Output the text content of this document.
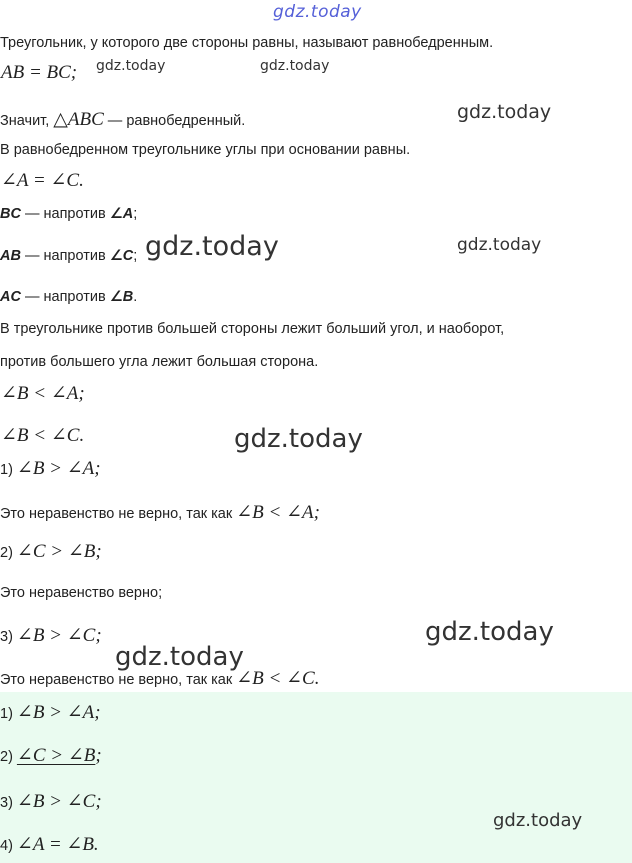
gdz.today
Треугольник, у которого две стороны равны, называют равнобедренным.
AB = BC;
Значит, △ABC — равнобедренный.
В равнобедренном треугольнике углы при основании равны.
∠A = ∠C.
BC — напротив ∠A;
AB — напротив ∠C;
AC — напротив ∠B.
В треугольнике против большей стороны лежит больший угол, и наоборот,
против большего угла лежит большая сторона.
∠B < ∠A;
∠B < ∠C.
1) ∠B > ∠A;
Это неравенство не верно, так как ∠B < ∠A;
2) ∠C > ∠B;
Это неравенство верно;
3) ∠B > ∠C;
Это неравенство не верно, так как ∠B < ∠C.
1) ∠B > ∠A;
2) ∠C > ∠B;
3) ∠B > ∠C;
4) ∠A = ∠B.
gdz.today	gdz.today
gdz.today
gdz.today	gdz.today
gdz.today
gdz.today
gdz.today
gdz.today
